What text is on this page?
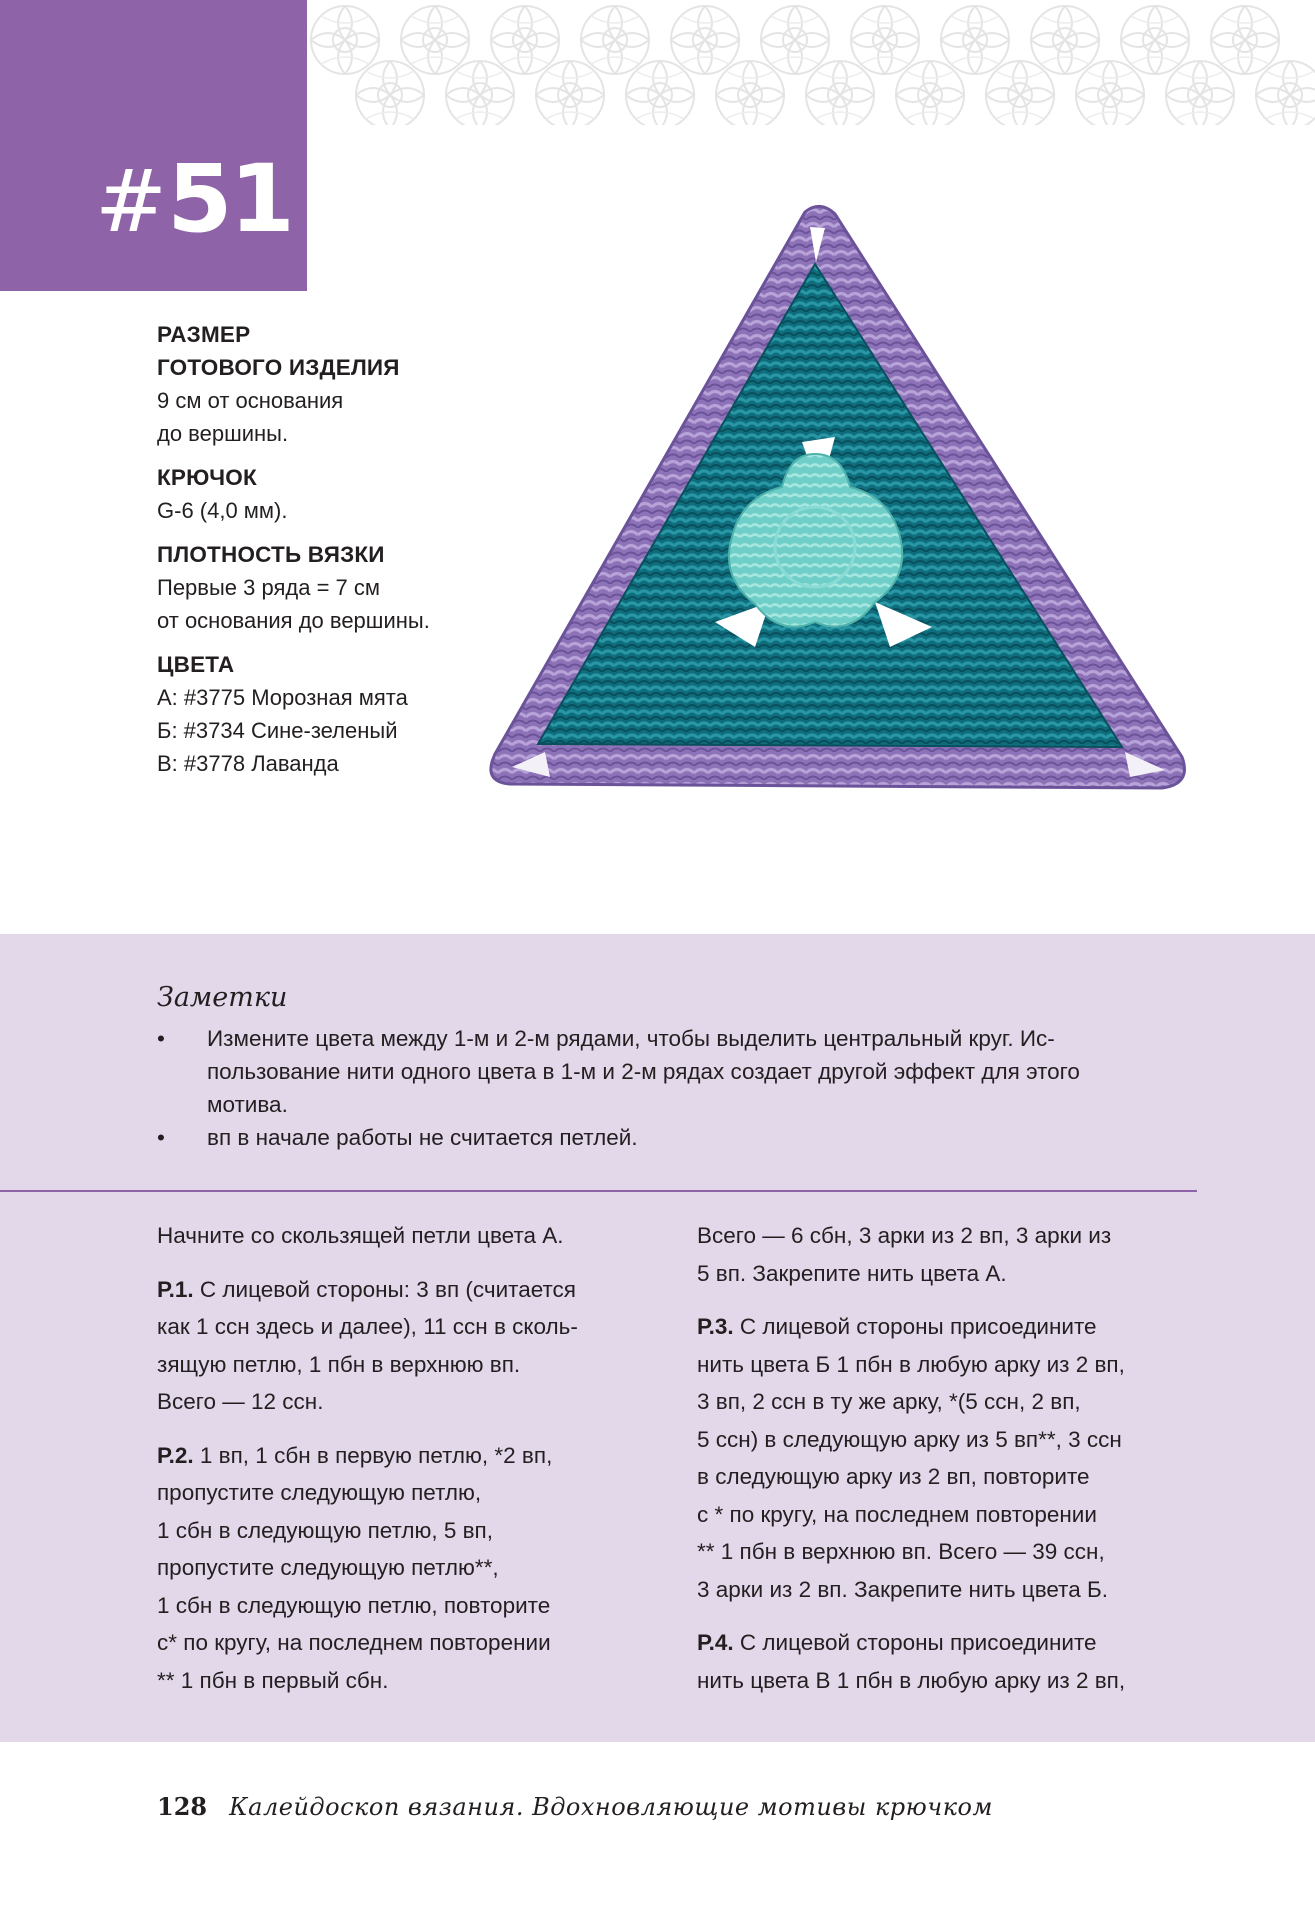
#51
РАЗМЕР
ГОТОВОГО ИЗДЕЛИЯ
9 см от основания
до вершины.
КРЮЧОК
G-6 (4,0 мм).
ПЛОТНОСТЬ ВЯЗКИ
Первые 3 ряда = 7 см
от основания до вершины.
ЦВЕТА
А: #3775 Морозная мята
Б: #3734 Сине-зеленый
В: #3778 Лаванда
Заметки
• Измените цвета между 1-м и 2-м рядами, чтобы выделить центральный круг. Ис-
пользование нити одного цвета в 1-м и 2-м рядах создает другой эффект для этого
мотива.
• вп в начале работы не считается петлей.
Начните со скользящей петли цвета А.
Р.1. С лицевой стороны: 3 вп (считается
как 1 ссн здесь и далее), 11 ссн в сколь-
зящую петлю, 1 пбн в верхнюю вп.
Всего — 12 ссн.
Р.2. 1 вп, 1 сбн в первую петлю, *2 вп,
пропустите следующую петлю,
1 сбн в следующую петлю, 5 вп,
пропустите следующую петлю**,
1 сбн в следующую петлю, повторите
с* по кругу, на последнем повторении
** 1 пбн в первый сбн.
Всего — 6 сбн, 3 арки из 2 вп, 3 арки из
5 вп. Закрепите нить цвета А.
Р.3. С лицевой стороны присоедините
нить цвета Б 1 пбн в любую арку из 2 вп,
3 вп, 2 ссн в ту же арку, *(5 ссн, 2 вп,
5 ссн) в следующую арку из 5 вп**, 3 ссн
в следующую арку из 2 вп, повторите
с * по кругу, на последнем повторении
** 1 пбн в верхнюю вп. Всего — 39 ссн,
3 арки из 2 вп. Закрепите нить цвета Б.
Р.4. С лицевой стороны присоедините
нить цвета В 1 пбн в любую арку из 2 вп,
128 Калейдоскоп вязания. Вдохновляющие мотивы крючком
